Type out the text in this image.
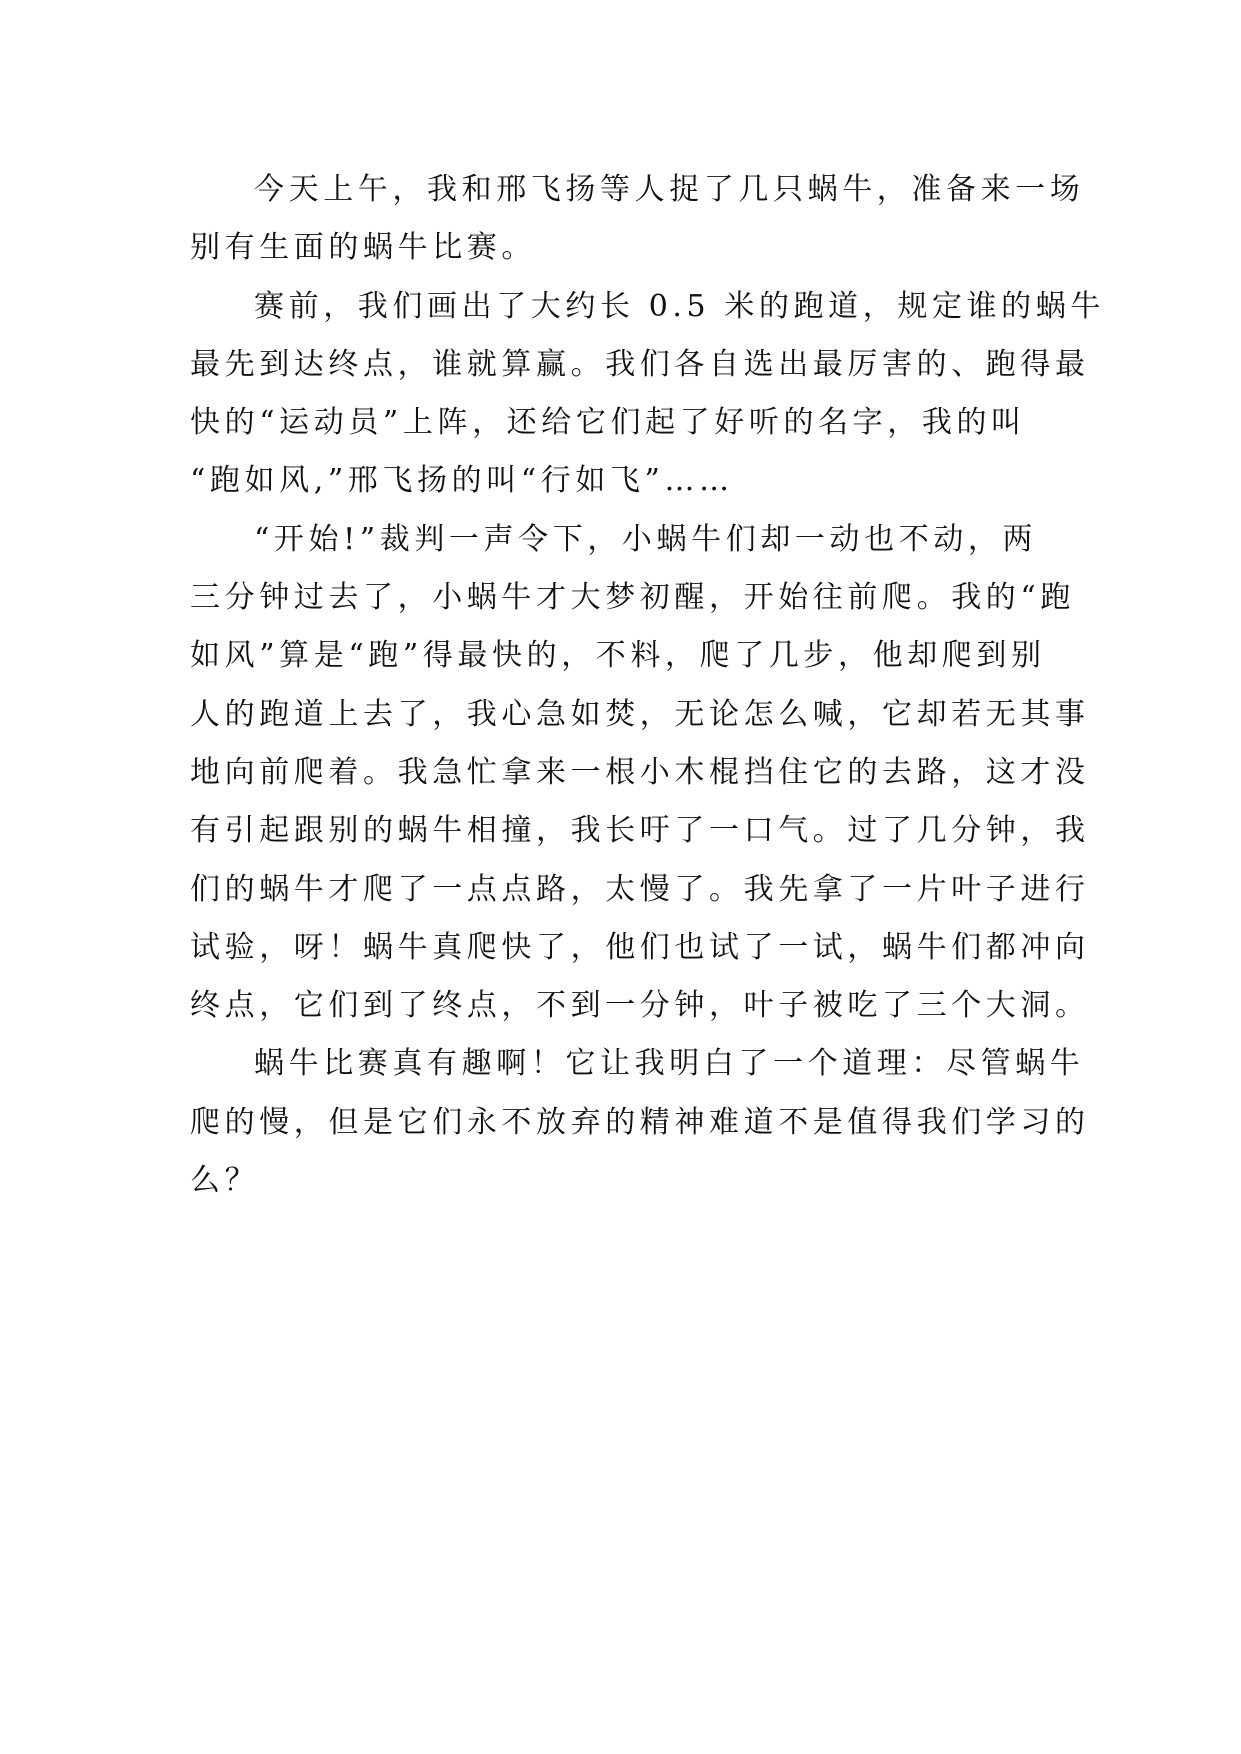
今天上午，我和邢飞扬等人捉了几只蜗牛，准备来一场
别有生面的蜗牛比赛。
赛前，我们画出了大约长 0.5 米的跑道，规定谁的蜗牛
最先到达终点，谁就算赢。我们各自选出最厉害的、跑得最
快的“运动员”上阵，还给它们起了好听的名字，我的叫
“跑如风,”邢飞扬的叫“行如飞”……
“开始!”裁判一声令下，小蜗牛们却一动也不动，两
三分钟过去了，小蜗牛才大梦初醒，开始往前爬。我的“跑
如风”算是“跑”得最快的，不料，爬了几步，他却爬到别
人的跑道上去了，我心急如焚，无论怎么喊，它却若无其事
地向前爬着。我急忙拿来一根小木棍挡住它的去路，这才没
有引起跟别的蜗牛相撞，我长吁了一口气。过了几分钟，我
们的蜗牛才爬了一点点路，太慢了。我先拿了一片叶子进行
试验，呀！蜗牛真爬快了，他们也试了一试，蜗牛们都冲向
终点，它们到了终点，不到一分钟，叶子被吃了三个大洞。
蜗牛比赛真有趣啊！它让我明白了一个道理：尽管蜗牛
爬的慢，但是它们永不放弃的精神难道不是值得我们学习的
么？
